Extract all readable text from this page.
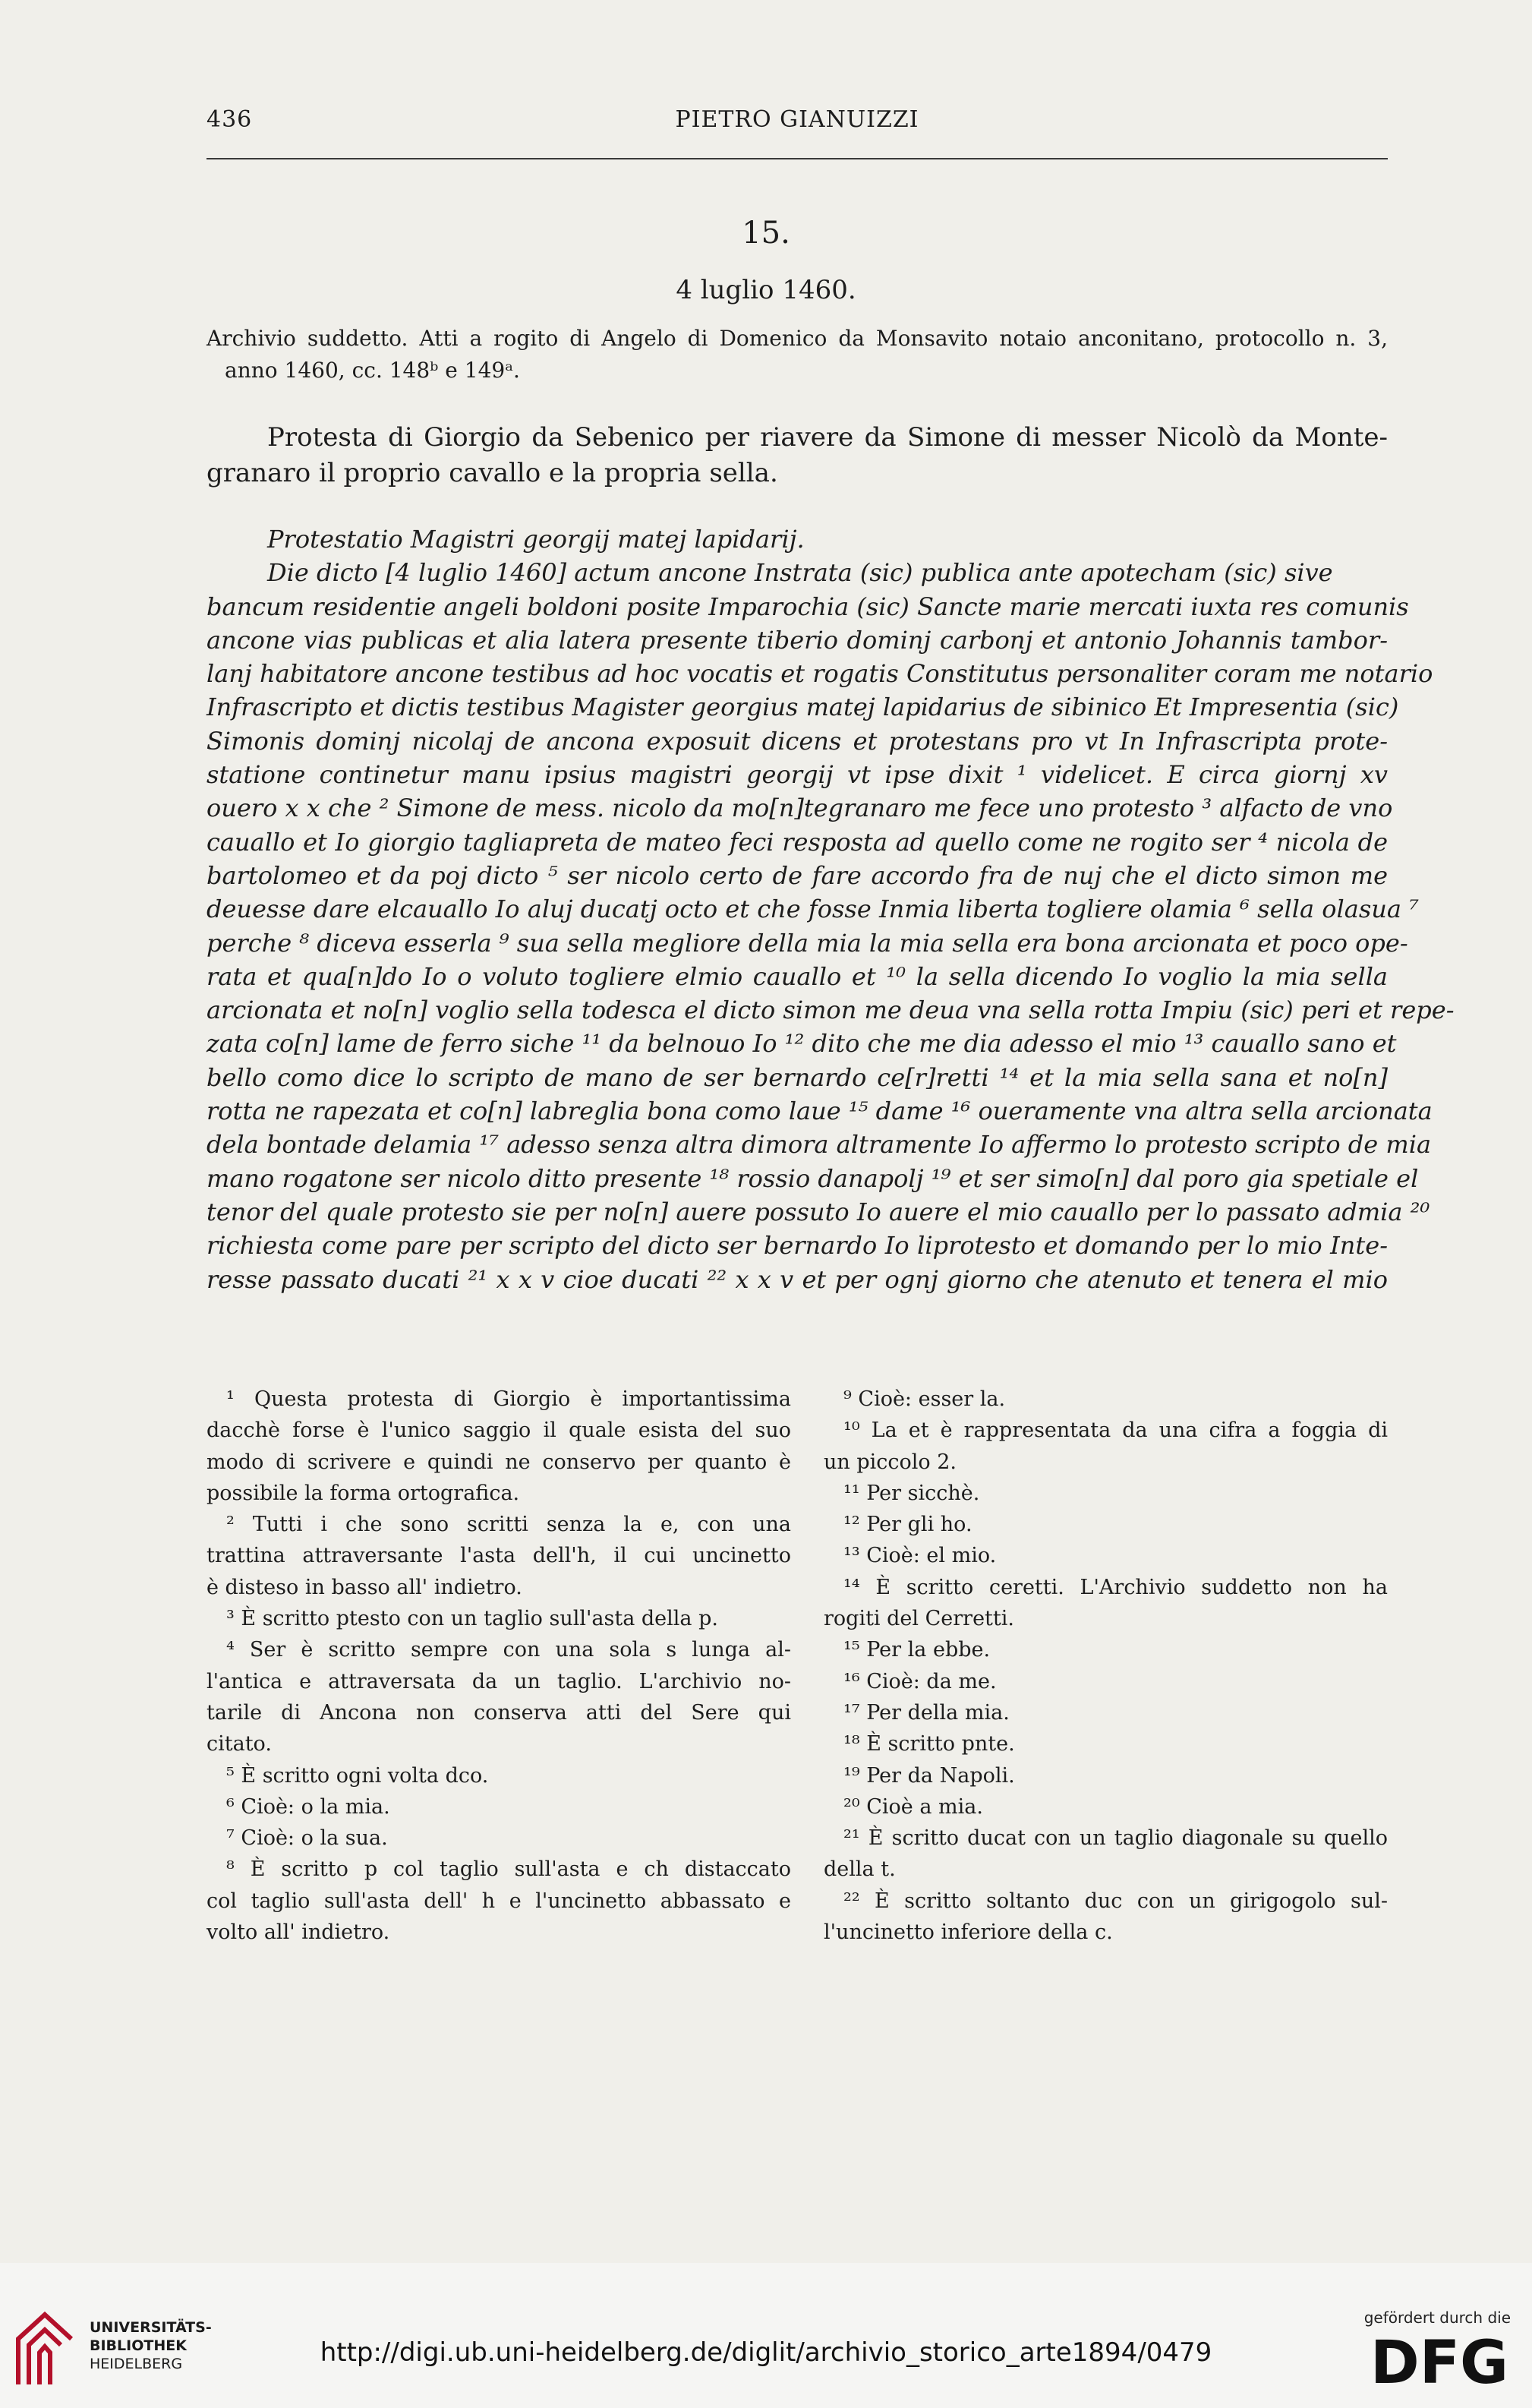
436	PIETRO GIANUIZZI
15.
4 luglio 1460.
Archivio suddetto. Atti a rogito di Angelo di Domenico da Monsavito notaio anconitano, protocollo n. 3,
anno 1460, cc. 148ᵇ e 149ᵃ.
Protesta di Giorgio da Sebenico per riavere da Simone di messer Nicolò da Monte-
granaro il proprio cavallo e la propria sella.
Protestatio Magistri georgij matej lapidarij.
Die dicto [4 luglio 1460] actum ancone Instrata (sic) publica ante apotecham (sic) sive
bancum residentie angeli boldoni posite Imparochia (sic) Sancte marie mercati iuxta res comunis
ancone vias publicas et alia latera presente tiberio dominj carbonj et antonio Johannis tambor-
lanj habitatore ancone testibus ad hoc vocatis et rogatis Constitutus personaliter coram me notario
Infrascripto et dictis testibus Magister georgius matej lapidarius de sibinico Et Impresentia (sic)
Simonis dominj nicolaj de ancona exposuit dicens et protestans pro vt In Infrascripta prote-
statione continetur manu ipsius magistri georgij vt ipse dixit ¹ videlicet. E circa giornj xv
ouero x x che ² Simone de mess. nicolo da mo[n]tegranaro me fece uno protesto ³ alfacto de vno
cauallo et Io giorgio tagliapreta de mateo feci resposta ad quello come ne rogito ser ⁴ nicola de
bartolomeo et da poj dicto ⁵ ser nicolo certo de fare accordo fra de nuj che el dicto simon me
deuesse dare elcauallo Io aluj ducatj octo et che fosse Inmia liberta togliere olamia ⁶ sella olasua ⁷
perche ⁸ diceva esserla ⁹ sua sella megliore della mia la mia sella era bona arcionata et poco ope-
rata et qua[n]do Io o voluto togliere elmio cauallo et ¹⁰ la sella dicendo Io voglio la mia sella
arcionata et no[n] voglio sella todesca el dicto simon me deua vna sella rotta Impiu (sic) peri et repe-
zata co[n] lame de ferro siche ¹¹ da belnouo Io ¹² dito che me dia adesso el mio ¹³ cauallo sano et
bello como dice lo scripto de mano de ser bernardo ce[r]retti ¹⁴ et la mia sella sana et no[n]
rotta ne rapezata et co[n] labreglia bona como laue ¹⁵ dame ¹⁶ oueramente vna altra sella arcionata
dela bontade delamia ¹⁷ adesso senza altra dimora altramente Io affermo lo protesto scripto de mia
mano rogatone ser nicolo ditto presente ¹⁸ rossio danapolj ¹⁹ et ser simo[n] dal poro gia spetiale el
tenor del quale protesto sie per no[n] auere possuto Io auere el mio cauallo per lo passato admia ²⁰
richiesta come pare per scripto del dicto ser bernardo Io liprotesto et domando per lo mio Inte-
resse passato ducati ²¹ x x v cioe ducati ²² x x v et per ognj giorno che atenuto et tenera el mio
¹ Questa protesta di Giorgio è importantissima
dacchè forse è l'unico saggio il quale esista del suo
modo di scrivere e quindi ne conservo per quanto è
possibile la forma ortografica.
² Tutti i che sono scritti senza la e, con una
trattina attraversante l'asta dell'h, il cui uncinetto
è disteso in basso all' indietro.
³ È scritto ptesto con un taglio sull'asta della p.
⁴ Ser è scritto sempre con una sola s lunga al-
l'antica e attraversata da un taglio. L'archivio no-
tarile di Ancona non conserva atti del Sere qui
citato.
⁵ È scritto ogni volta dco.
⁶ Cioè: o la mia.
⁷ Cioè: o la sua.
⁸ È scritto p col taglio sull'asta e ch distaccato
col taglio sull'asta dell' h e l'uncinetto abbassato e
volto all' indietro.
⁹ Cioè: esser la.
¹⁰ La et è rappresentata da una cifra a foggia di
un piccolo 2.
¹¹ Per sicchè.
¹² Per gli ho.
¹³ Cioè: el mio.
¹⁴ È scritto ceretti. L'Archivio suddetto non ha
rogiti del Cerretti.
¹⁵ Per la ebbe.
¹⁶ Cioè: da me.
¹⁷ Per della mia.
¹⁸ È scritto pnte.
¹⁹ Per da Napoli.
²⁰ Cioè a mia.
²¹ È scritto ducat con un taglio diagonale su quello
della t.
²² È scritto soltanto duc con un girigogolo sul-
l'uncinetto inferiore della c.
UNIVERSITÄTS-
BIBLIOTHEK
HEIDELBERG	http://digi.ub.uni-heidelberg.de/diglit/archivio_storico_arte1894/0479
gefördert durch die
DFG
